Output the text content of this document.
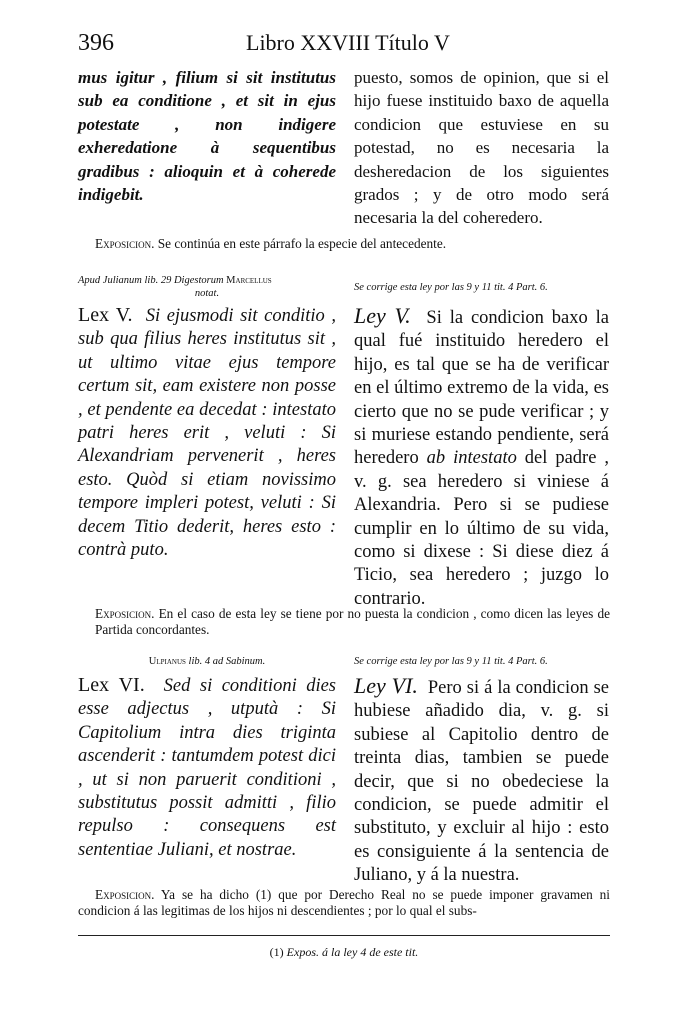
396	Libro XXVIII Título V
mus igitur , filium si sit institutus sub ea conditione , et sit in ejus potestate , non indigere exheredatione à sequentibus gradibus : alioquin et à coherede indigebit.
puesto, somos de opinion, que si el hijo fuese instituido baxo de aquella condicion que estuviese en su potestad, no es necesaria la desheredacion de los siguientes grados ; y de otro modo será necesaria la del coheredero.
Exposicion. Se continúa en este párrafo la especie del antecedente.
Apud Julianum lib. 29 Digestorum Marcellus
notat.
Se corrige esta ley por las 9 y 11 tit. 4 Part. 6.
Lex V. Si ejusmodi sit conditio , sub qua filius heres institutus sit , ut ultimo vitae ejus tempore certum sit, eam existere non posse , et pendente ea decedat : intestato patri heres erit , veluti : Si Alexandriam pervenerit , heres esto. Quòd si etiam novissimo tempore impleri potest, veluti : Si decem Titio dederit, heres esto : contrà puto.
Ley V. Si la condicion baxo la qual fué instituido heredero el hijo, es tal que se ha de verificar en el último extremo de la vida, es cierto que no se pude verificar ; y si muriese estando pendiente, será heredero ab intestato del padre , v. g. sea heredero si viniese á Alexandria. Pero si se pudiese cumplir en lo último de su vida, como si dixese : Si diese diez á Ticio, sea heredero ; juzgo lo contrario.
Exposicion. En el caso de esta ley se tiene por no puesta la condicion , como dicen las leyes de Partida concordantes.
Ulpianus lib. 4 ad Sabinum.	Se corrige esta ley por las 9 y 11 tit. 4 Part. 6.
Lex VI. Sed si conditioni dies esse adjectus , utputà : Si Capitolium intra dies triginta ascenderit : tantumdem potest dici , ut si non paruerit conditioni , substitutus possit admitti , filio repulso : consequens est sententiae Juliani, et nostrae.
Ley VI. Pero si á la condicion se hubiese añadido dia, v. g. si subiese al Capitolio dentro de treinta dias, tambien se puede decir, que si no obedeciese la condicion, se puede admitir el substituto, y excluir al hijo : esto es consiguiente á la sentencia de Juliano, y á la nuestra.
Exposicion. Ya se ha dicho (1) que por Derecho Real no se puede imponer gravamen ni condicion á las legitimas de los hijos ni descendientes ; por lo qual el subs-
(1) Expos. á la ley 4 de este tit.
